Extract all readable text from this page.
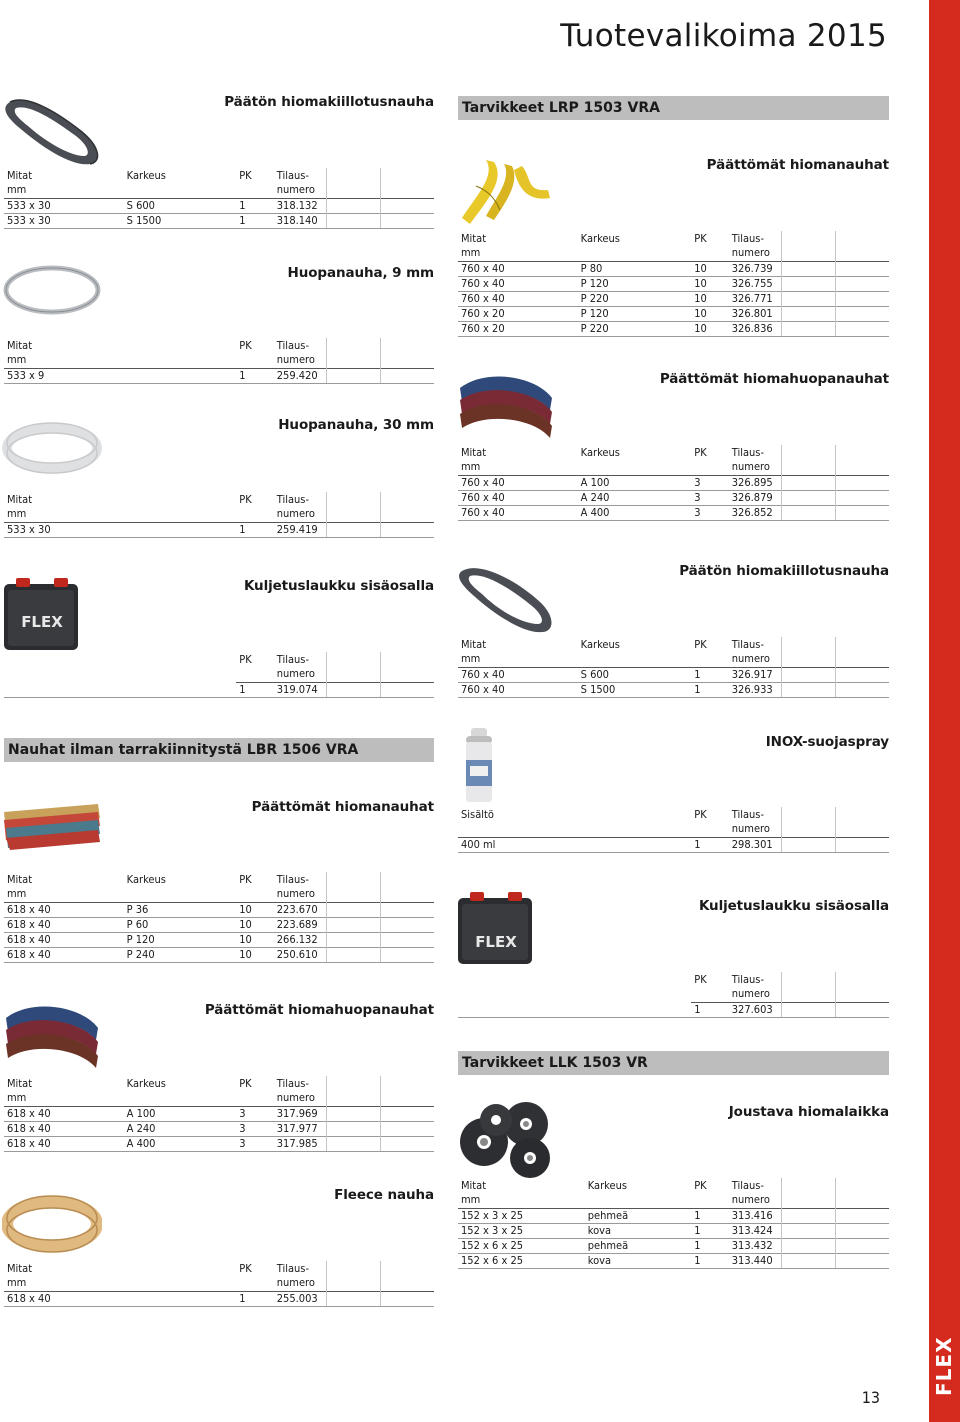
FLEX
Tuotevalikoima 2015
13
Päätön hiomakiillotusnauha
Mitat	Karkeus	PK	Tilaus-		
mm			numero		
533 x 30	S 600	1	318.132		
533 x 30	S 1500	1	318.140		
Huopanauha, 9 mm
Mitat	PK	Tilaus-		
mm		numero		
533 x 9	1	259.420		
Huopanauha, 30 mm
Mitat	PK	Tilaus-		
mm		numero		
533 x 30	1	259.419		
Kuljetuslaukku sisäosalla
FLEX
	PK	Tilaus-		
		numero		
	1	319.074		
Nauhat ilman tarrakiinnitystä LBR 1506 VRA
Päättömät hiomanauhat
Mitat	Karkeus	PK	Tilaus-		
mm			numero		
618 x 40	P 36	10	223.670		
618 x 40	P 60	10	223.689		
618 x 40	P 120	10	266.132		
618 x 40	P 240	10	250.610		
Päättömät hiomahuopanauhat
Mitat	Karkeus	PK	Tilaus-		
mm			numero		
618 x 40	A 100	3	317.969		
618 x 40	A 240	3	317.977		
618 x 40	A 400	3	317.985		
Fleece nauha
Mitat	PK	Tilaus-		
mm		numero		
618 x 40	1	255.003		
Tarvikkeet LRP 1503 VRA
Päättömät hiomanauhat
Mitat	Karkeus	PK	Tilaus-		
mm			numero		
760 x 40	P 80	10	326.739		
760 x 40	P 120	10	326.755		
760 x 40	P 220	10	326.771		
760 x 20	P 120	10	326.801		
760 x 20	P 220	10	326.836		
Päättömät hiomahuopanauhat
Mitat	Karkeus	PK	Tilaus-		
mm			numero		
760 x 40	A 100	3	326.895		
760 x 40	A 240	3	326.879		
760 x 40	A 400	3	326.852		
Päätön hiomakiillotusnauha
Mitat	Karkeus	PK	Tilaus-		
mm			numero		
760 x 40	S 600	1	326.917		
760 x 40	S 1500	1	326.933		
INOX-suojaspray
Sisältö	PK	Tilaus-		
		numero		
400 ml	1	298.301		
Kuljetuslaukku sisäosalla
FLEX
	PK	Tilaus-		
		numero		
	1	327.603		
Tarvikkeet LLK 1503 VR
Joustava hiomalaikka
Mitat	Karkeus	PK	Tilaus-		
mm			numero		
152 x 3 x 25	pehmeä	1	313.416		
152 x 3 x 25	kova	1	313.424		
152 x 6 x 25	pehmeä	1	313.432		
152 x 6 x 25	kova	1	313.440		
